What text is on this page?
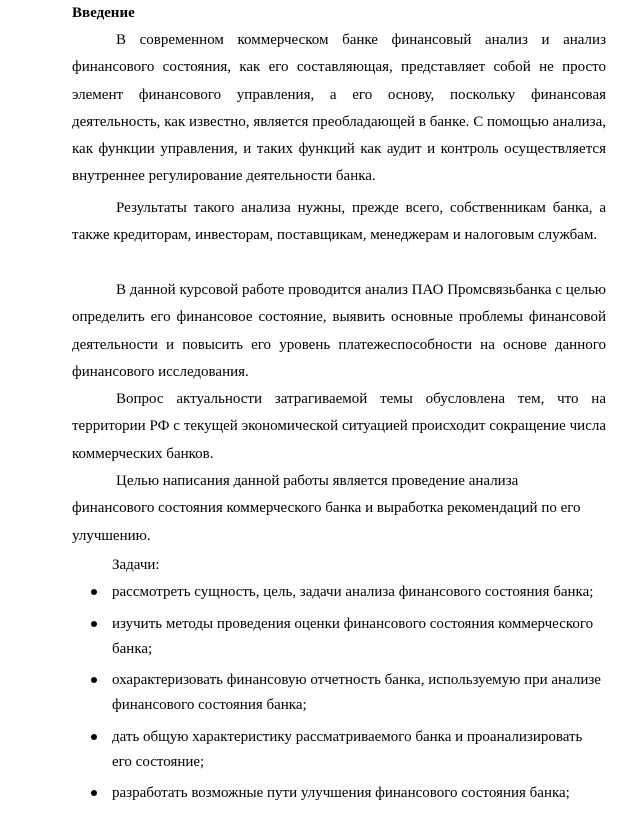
Введение

В современном коммерческом банке финансовый анализ и анализ финансового состояния, как его составляющая, представляет собой не просто элемент финансового управления, а его основу, поскольку финансовая деятельность, как известно, является преобладающей в банке. С помощью анализа, как функции управления, и таких функций как аудит и контроль осуществляется внутреннее регулирование деятельности банка.

Результаты такого анализа нужны, прежде всего, собственникам банка, а также кредиторам, инвесторам, поставщикам, менеджерам и налоговым службам.

В данной курсовой работе проводится анализ ПАО Промсвязьбанка с целью определить его финансовое состояние, выявить основные проблемы финансовой деятельности и повысить его уровень платежеспособности на основе данного финансового исследования.

Вопрос актуальности затрагиваемой темы обусловлена тем, что на территории РФ с текущей экономической ситуацией происходит сокращение числа коммерческих банков.

Целью написания данной работы является проведение анализа финансового состояния коммерческого банка и выработка рекомендаций по его улучшению.

Задачи:
рассмотреть сущность, цель, задачи анализа финансового состояния банка;
изучить методы проведения оценки финансового состояния коммерческого банка;
охарактеризовать финансовую отчетность банка, используемую при анализе финансового состояния банка;
дать общую характеристику рассматриваемого банка и проанализировать его состояние;
разработать возможные пути улучшения финансового состояния банка;
